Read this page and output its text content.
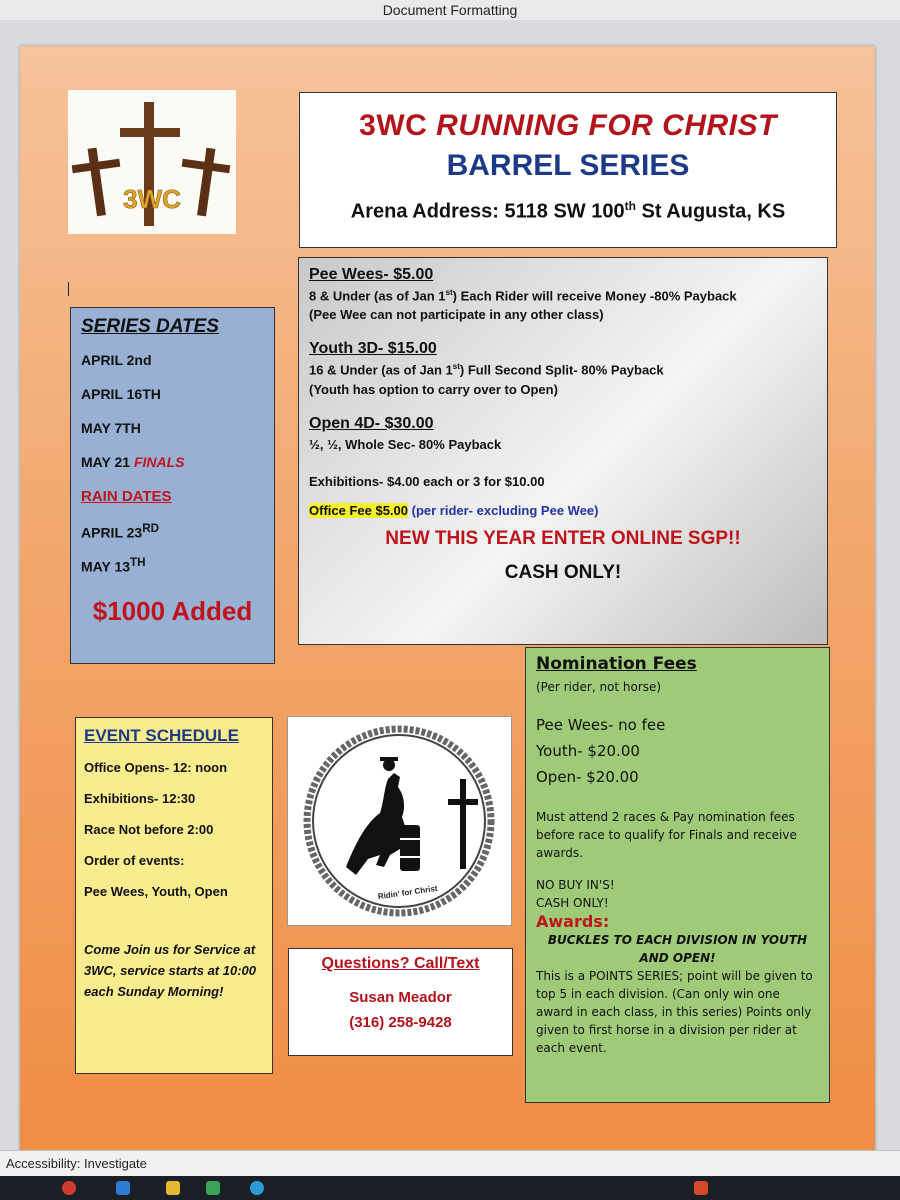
Document Formatting
3WC
3WC RUNNING FOR CHRIST
BARREL SERIES
Arena Address: 5118 SW 100th St Augusta, KS
SERIES DATES
APRIL 2nd
APRIL 16TH
MAY 7TH
MAY 21 FINALS
RAIN DATES
APRIL 23RD
MAY 13TH
$1000 Added
Pee Wees- $5.00
8 & Under (as of Jan 1st) Each Rider will receive Money -80% Payback
(Pee Wee can not participate in any other class)
Youth 3D- $15.00
16 & Under (as of Jan 1st) Full Second Split- 80% Payback
(Youth has option to carry over to Open)
Open 4D- $30.00
½, ½, Whole Sec- 80% Payback
Exhibitions- $4.00 each or 3 for $10.00
Office Fee $5.00 (per rider- excluding Pee Wee)
NEW THIS YEAR ENTER ONLINE SGP!!
CASH ONLY!
Nomination Fees
(Per rider, not horse)
Pee Wees- no fee
Youth- $20.00
Open- $20.00
Must attend 2 races & Pay nomination fees before race to qualify for Finals and receive awards.
NO BUY IN'S!
CASH ONLY!
Awards:
BUCKLES TO EACH DIVISION IN YOUTH AND OPEN!
This is a POINTS SERIES; point will be given to top 5 in each division. (Can only win one award in each class, in this series) Points only given to first horse in a division per rider at each event.
EVENT SCHEDULE
Office Opens- 12: noon
Exhibitions- 12:30
Race Not before 2:00
Order of events:
Pee Wees, Youth, Open
Come Join us for Service at 3WC, service starts at 10:00 each Sunday Morning!
Ridin' for Christ
Questions? Call/Text
Susan Meador
(316) 258-9428
Accessibility: Investigate
